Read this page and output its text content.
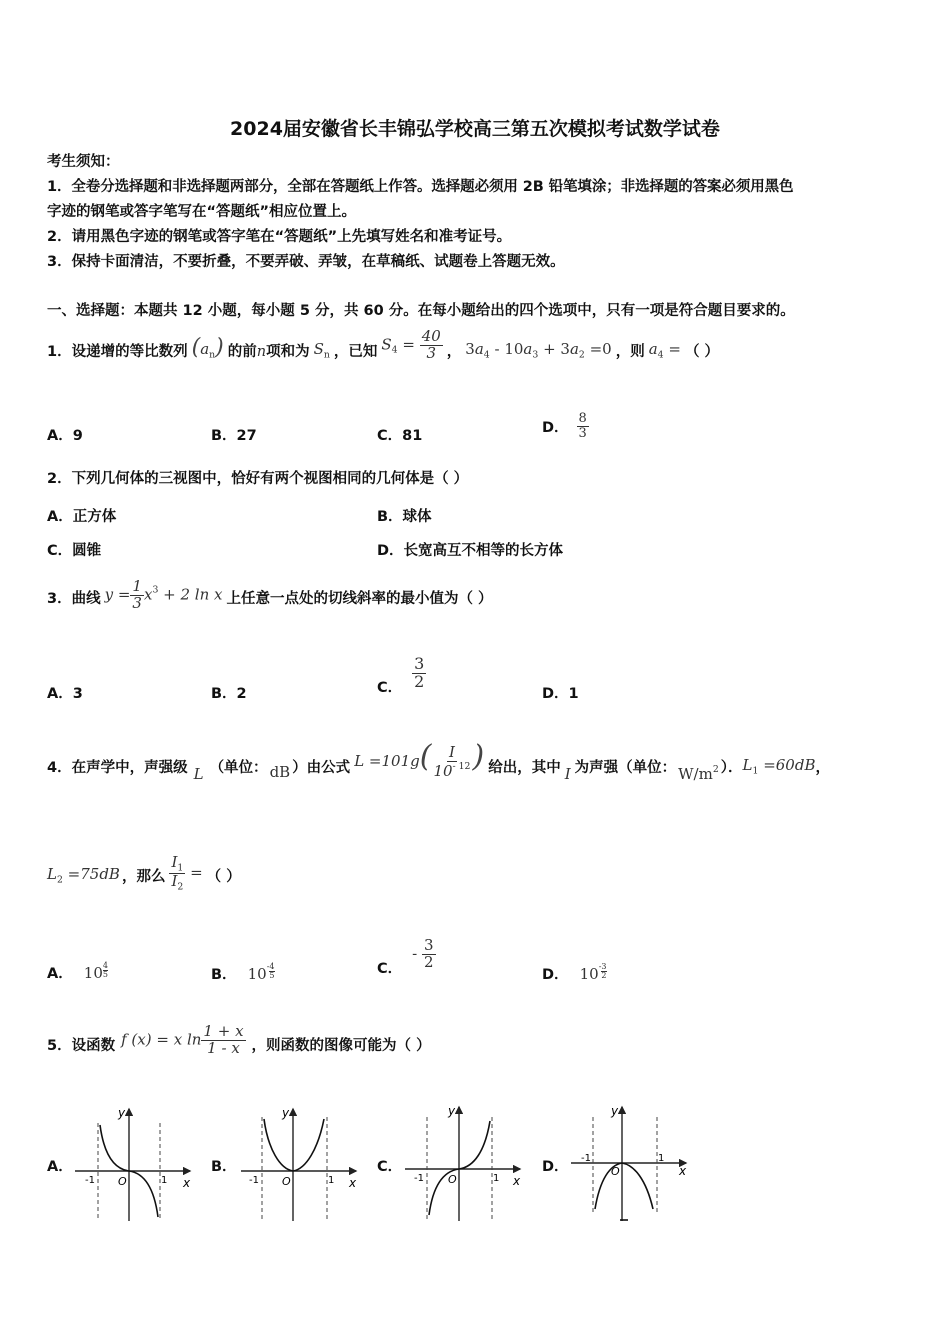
2024届安徽省长丰锦弘学校高三第五次模拟考试数学试卷
考生须知：
1．全卷分选择题和非选择题两部分，全部在答题纸上作答。选择题必须用 2B 铅笔填涂；非选择题的答案必须用黑色
字迹的钢笔或答字笔写在“答题纸”相应位置上。
2．请用黑色字迹的钢笔或答字笔在“答题纸”上先填写姓名和准考证号。
3．保持卡面清洁，不要折叠，不要弄破、弄皱，在草稿纸、试题卷上答题无效。
一、选择题：本题共 12 小题，每小题 5 分，共 60 分。在每小题给出的四个选项中，只有一项是符合题目要求的。
1．设递增的等比数列 $(a_n)$ 的前 n 项和为 $S_n$ ，已知 $S_4 = \frac{40}{3}$ ， $3a_4 - 10a_3 + 3a_2 =0$ ，则 $a_4$ = （ ）
A．9	B．27	C．81
D． $\frac{8}{3}$
2．下列几何体的三视图中，恰好有两个视图相同的几何体是（ ）
A．正方体	B．球体
C．圆锥	D．长宽高互不相等的长方体
3．曲线 $y = \frac{1}{3} x^3 + 2$ ln x 上任意一点处的切线斜率的最小值为（ ）
A．3	B．2	C． $\frac{3}{2}$
D．1
4．在声学中，声强级 L （单位： dB ）由公式 $L =101g( \frac{I}{10^{- 12}}$ ) 给出，其中 I 为声强（单位： $W/m^2$ ）． $L_1 =60dB$ ，
$L_2 =75dB$ ，那么 $\frac{I_1}{I_2}$ = （ ）
A． $10 \frac{4}{5}$	B． $10^- \frac{4}{5}$	C．
- $\frac{3}{2}$
D． $10^- \frac{3}{2}$
5．设函数 f (x) = x $\ln \frac{1 + x}{1 - x}$ ，则函数的图像可能为（ ）
A．	B．	C．	D．
y
x
O
-1	1
y
x
O
-1	1
y
x
O
-1	1
y
x
O
-1	1
